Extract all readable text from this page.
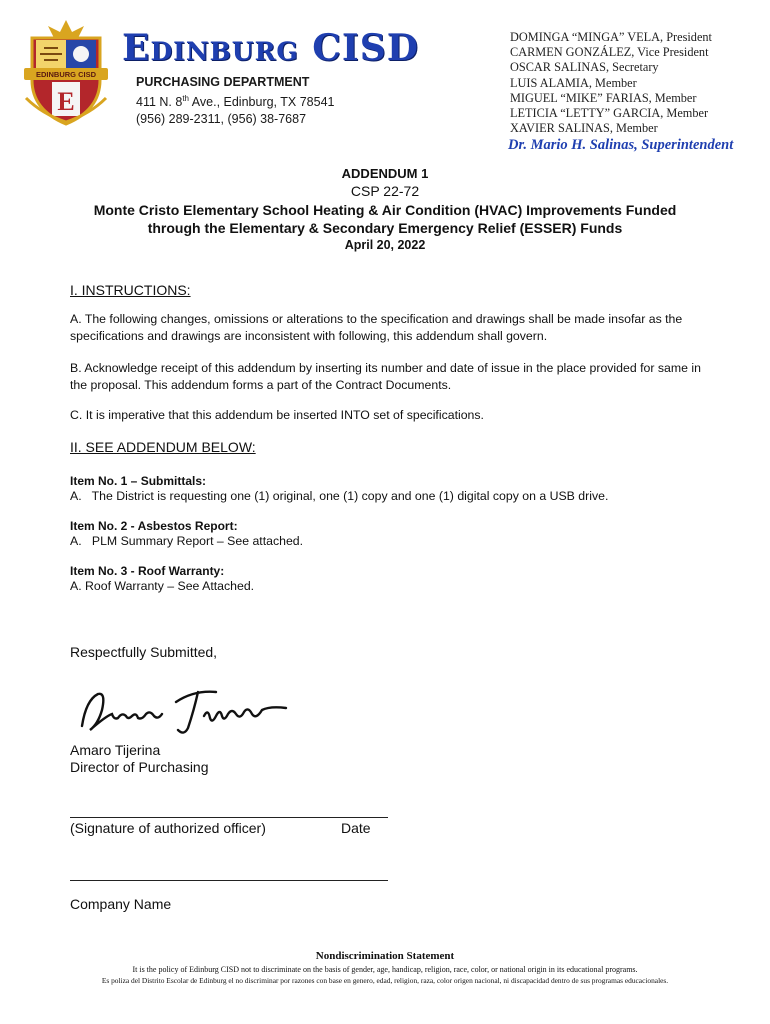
EDINBURG CISD
E
Edinburg CISD
PURCHASING DEPARTMENT
411 N. 8th Ave., Edinburg, TX 78541
(956) 289-2311, (956) 38-7687
DOMINGA “MINGA” VELA, President
CARMEN GONZÁLEZ, Vice President
OSCAR SALINAS, Secretary
LUIS ALAMIA, Member
MIGUEL “MIKE” FARIAS, Member
LETICIA “LETTY” GARCIA, Member
XAVIER SALINAS, Member
Dr. Mario H. Salinas, Superintendent
ADDENDUM 1
CSP 22-72
Monte Cristo Elementary School Heating & Air Condition (HVAC) Improvements Funded
through the Elementary & Secondary Emergency Relief (ESSER) Funds
April 20, 2022
I. INSTRUCTIONS:
A. The following changes, omissions or alterations to the specification and drawings shall be made insofar as the specifications and drawings are inconsistent with following, this addendum shall govern.
B. Acknowledge receipt of this addendum by inserting its number and date of issue in the place provided for same in the proposal. This addendum forms a part of the Contract Documents.
C. It is imperative that this addendum be inserted INTO set of specifications.
II. SEE ADDENDUM BELOW:
Item No. 1 – Submittals:
A.   The District is requesting one (1) original, one (1) copy and one (1) digital copy on a USB drive.
Item No. 2 - Asbestos Report:
A.   PLM Summary Report – See attached.
Item No. 3 - Roof Warranty:
A. Roof Warranty – See Attached.
Respectfully Submitted,
Amaro Tijerina
Director of Purchasing
(Signature of authorized officer)	Date
Company Name
Nondiscrimination Statement
It is the policy of Edinburg CISD not to discriminate on the basis of gender, age, handicap, religion, race, color, or national origin in its educational programs.
Es poliza del Distrito Escolar de Edinburg el no discriminar por razones con base en genero, edad, religion, raza, color origen nacional, ni discapacidad dentro de sus programas educacionales.
